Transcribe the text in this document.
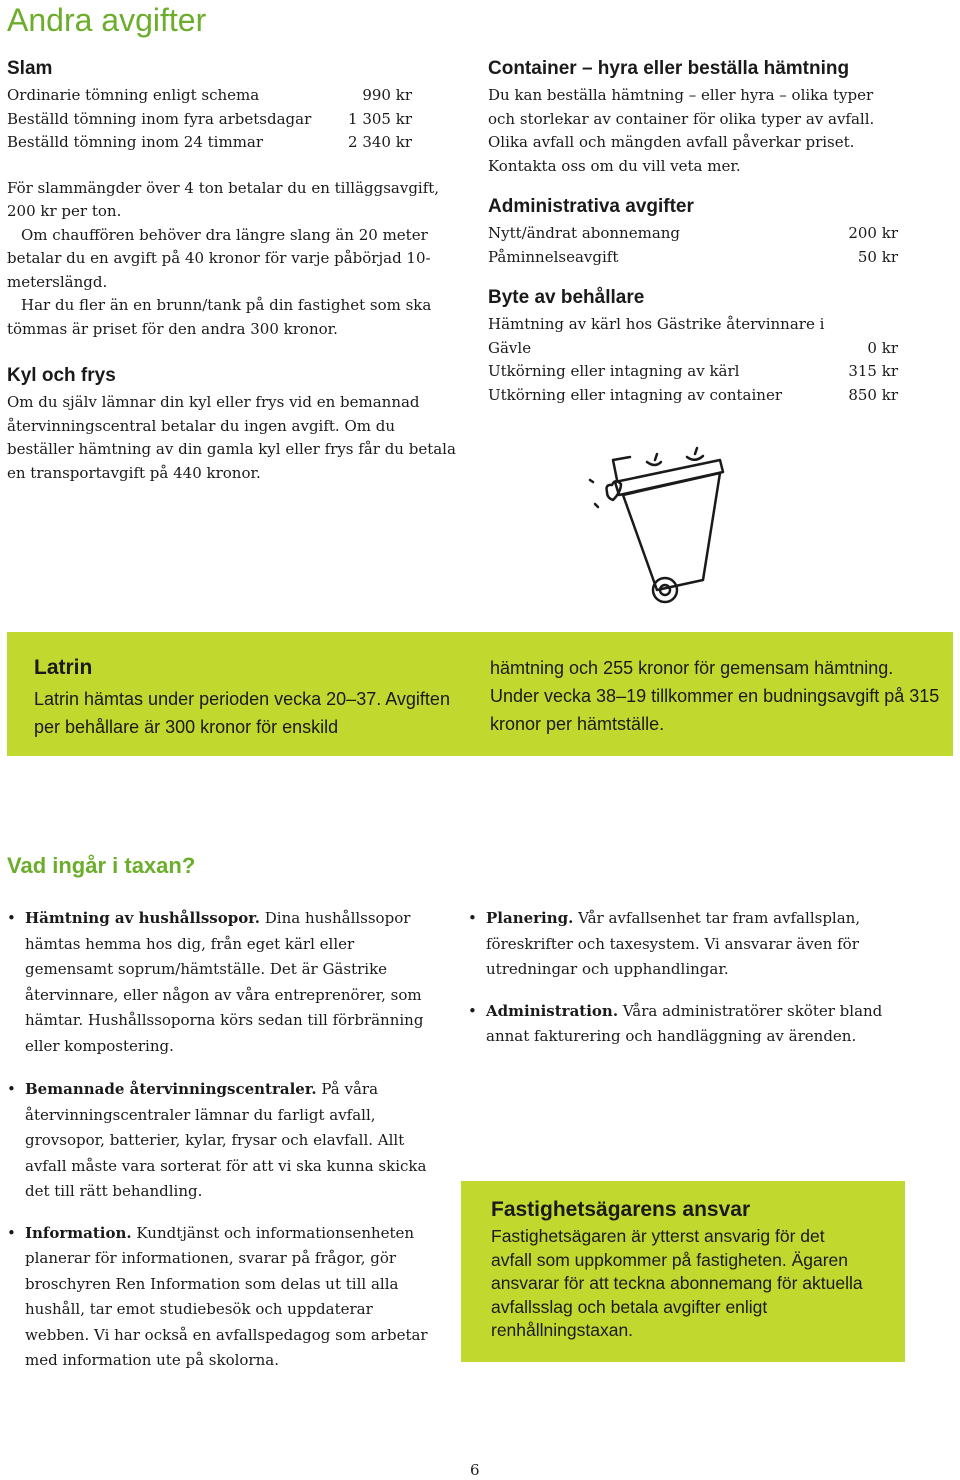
Andra avgifter
Slam
Ordinarie tömning enligt schema	990 kr
Beställd tömning inom fyra arbetsdagar 1 305 kr
Beställd tömning inom 24 timmar	2 340 kr
För slammängder över 4 ton betalar du en tilläggsavgift, 200 kr per ton.
Om chauffören behöver dra längre slang än 20 meter betalar du en avgift på 40 kronor för varje påbörjad 10-meterslängd.
Har du fler än en brunn/tank på din fastighet som ska tömmas är priset för den andra 300 kronor.
Kyl och frys
Om du själv lämnar din kyl eller frys vid en bemannad återvinningscentral betalar du ingen avgift. Om du beställer hämtning av din gamla kyl eller frys får du betala en transportavgift på 440 kronor.
Container – hyra eller beställa hämtning
Du kan beställa hämtning – eller hyra – olika typer och storlekar av container för olika typer av avfall. Olika avfall och mängden avfall påverkar priset. Kontakta oss om du vill veta mer.
Administrativa avgifter
Nytt/ändrat abonnemang	200 kr
Påminnelseavgift	50 kr
Byte av behållare
Hämtning av kärl hos Gästrike återvinnare i Gävle	0 kr
Utkörning eller intagning av kärl	315 kr
Utkörning eller intagning av container	850 kr
Latrin
Latrin hämtas under perioden vecka 20–37. Avgiften per behållare är 300 kronor för enskild
hämtning och 255 kronor för gemensam hämtning. Under vecka 38–19 tillkommer en budningsavgift på 315 kronor per hämtställe.
Vad ingår i taxan?
• Hämtning av hushållssopor. Dina hushållssopor hämtas hemma hos dig, från eget kärl eller gemensamt soprum/hämtställe. Det är Gästrike återvinnare, eller någon av våra entreprenörer, som hämtar. Hushållssoporna körs sedan till förbränning eller kompostering.
• Bemannade återvinningscentraler. På våra återvinningscentraler lämnar du farligt avfall, grovsopor, batterier, kylar, frysar och elavfall. Allt avfall måste vara sorterat för att vi ska kunna skicka det till rätt behandling.
• Information. Kundtjänst och informationsenheten planerar för informationen, svarar på frågor, gör broschyren Ren Information som delas ut till alla hushåll, tar emot studiebesök och uppdaterar webben. Vi har också en avfallspedagog som arbetar med information ute på skolorna.
• Planering. Vår avfallsenhet tar fram avfallsplan, föreskrifter och taxesystem. Vi ansvarar även för utredningar och upphandlingar.
• Administration. Våra administratörer sköter bland annat fakturering och handläggning av ärenden.
Fastighetsägarens ansvar
Fastighetsägaren är ytterst ansvarig för det avfall som uppkommer på fastigheten. Ägaren ansvarar för att teckna abonnemang för aktuella avfallsslag och betala avgifter enligt renhållningstaxan.
6
